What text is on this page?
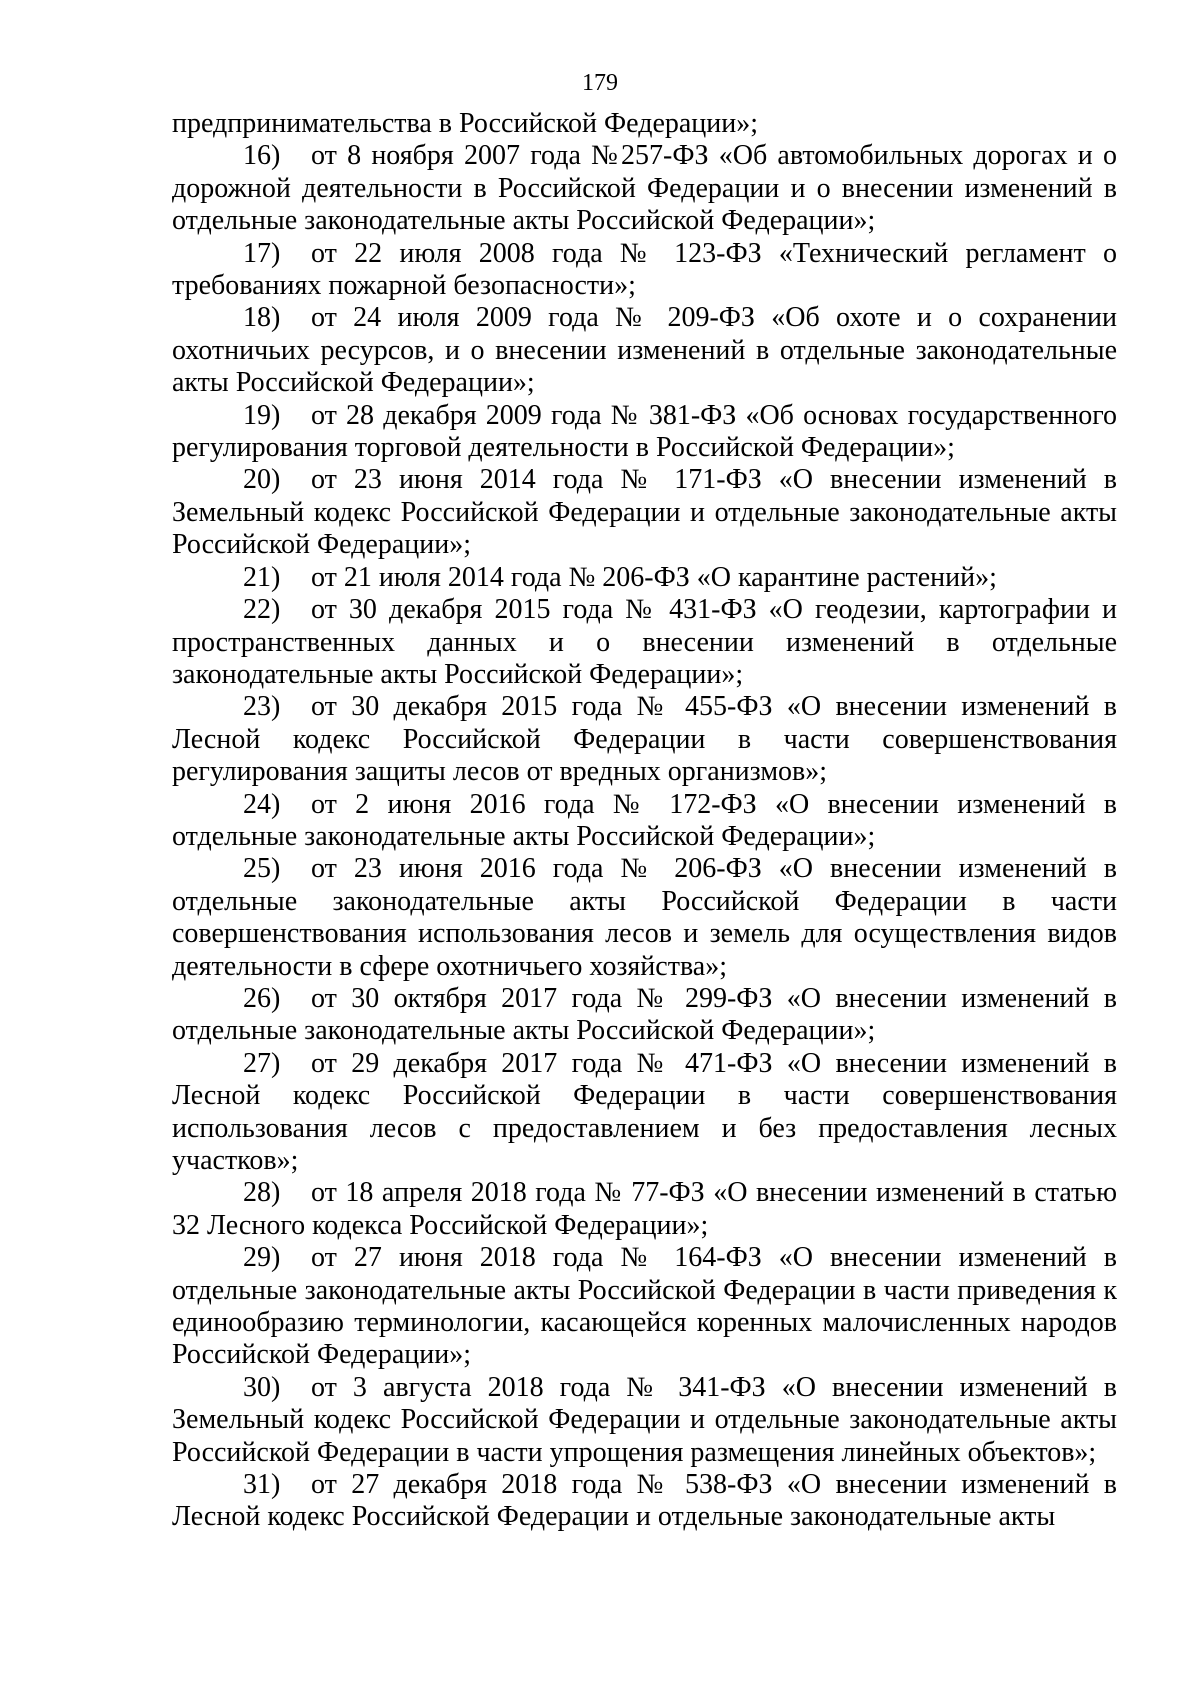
179

предпринимательства в Российской Федерации»;

16) от 8 ноября 2007 года №257-ФЗ «Об автомобильных дорогах и о дорожной деятельности в Российской Федерации и о внесении изменений в отдельные законодательные акты Российской Федерации»;

17) от 22 июля 2008 года № 123-ФЗ «Технический регламент о требованиях пожарной безопасности»;

18) от 24 июля 2009 года № 209-ФЗ «Об охоте и о сохранении охотничьих ресурсов, и о внесении изменений в отдельные законодательные акты Российской Федерации»;

19) от 28 декабря 2009 года № 381-ФЗ «Об основах государственного регулирования торговой деятельности в Российской Федерации»;

20) от 23 июня 2014 года № 171-ФЗ «О внесении изменений в Земельный кодекс Российской Федерации и отдельные законодательные акты Российской Федерации»;

21) от 21 июля 2014 года № 206-ФЗ «О карантине растений»;

22) от 30 декабря 2015 года № 431-ФЗ «О геодезии, картографии и пространственных данных и о внесении изменений в отдельные законодательные акты Российской Федерации»;

23) от 30 декабря 2015 года № 455-ФЗ «О внесении изменений в Лесной кодекс Российской Федерации в части совершенствования регулирования защиты лесов от вредных организмов»;

24) от 2 июня 2016 года № 172-ФЗ «О внесении изменений в отдельные законодательные акты Российской Федерации»;

25) от 23 июня 2016 года № 206-ФЗ «О внесении изменений в отдельные законодательные акты Российской Федерации в части совершенствования использования лесов и земель для осуществления видов деятельности в сфере охотничьего хозяйства»;

26) от 30 октября 2017 года № 299-ФЗ «О внесении изменений в отдельные законодательные акты Российской Федерации»;

27) от 29 декабря 2017 года № 471-ФЗ «О внесении изменений в Лесной кодекс Российской Федерации в части совершенствования использования лесов с предоставлением и без предоставления лесных участков»;

28) от 18 апреля 2018 года № 77-ФЗ «О внесении изменений в статью 32 Лесного кодекса Российской Федерации»;

29) от 27 июня 2018 года № 164-ФЗ «О внесении изменений в отдельные законодательные акты Российской Федерации в части приведения к единообразию терминологии, касающейся коренных малочисленных народов Российской Федерации»;

30) от 3 августа 2018 года № 341-ФЗ «О внесении изменений в Земельный кодекс Российской Федерации и отдельные законодательные акты Российской Федерации в части упрощения размещения линейных объектов»;

31) от 27 декабря 2018 года № 538-ФЗ «О внесении изменений в Лесной кодекс Российской Федерации и отдельные законодательные акты
